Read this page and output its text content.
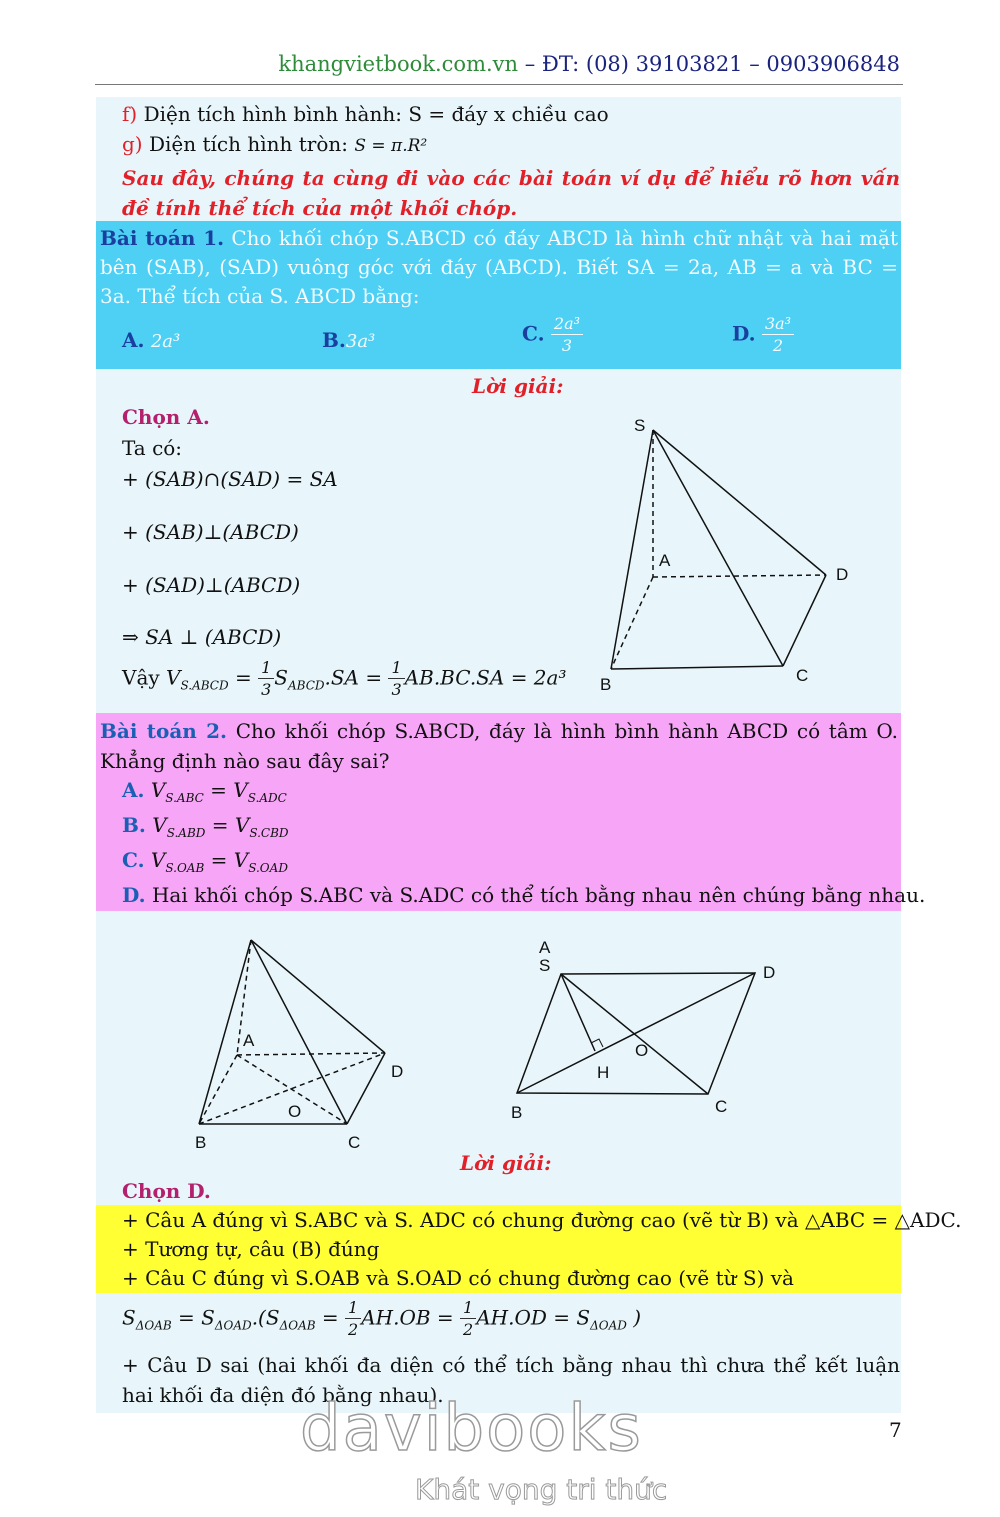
khangvietbook.com.vn – ĐT: (08) 39103821 – 0903906848
f) Diện tích hình bình hành: S = đáy x chiều cao
g) Diện tích hình tròn: S = π.R²
Sau đây, chúng ta cùng đi vào các bài toán ví dụ để hiểu rõ hơn vấn đề tính thể tích của một khối chóp.
Bài toán 1. Cho khối chóp S.ABCD có đáy ABCD là hình chữ nhật và hai mặt bên (SAB), (SAD) vuông góc với đáy (ABCD). Biết SA = 2a, AB = a và BC = 3a. Thể tích của S. ABCD bằng:
A. 2a³	B.3a³	C. $\frac{\text{2a³}}{3}$	D. $\frac{\text{3a³}}{2}$
Lời giải:
Chọn A.
Ta có:
+ (SAB)∩(SAD) = SA
+ (SAB)⊥(ABCD)
+ (SAD)⊥(ABCD)
⇒ SA ⊥ (ABCD)
Vậy $V_{S.ABCD} = \frac{1}{3} S_{ABCD}.SA = \frac{1}{3} AB.BC.SA = 2a^3$
S
A
D
B	C
Bài toán 2. Cho khối chóp S.ABCD, đáy là hình bình hành ABCD có tâm O. Khẳng định nào sau đây sai?
A. $V_{S.ABC} = V_{S.ADC}$
B. $V_{S.ABD} = V_{S.CBD}$
C. $V_{S.OAB} = V_{S.OAD}$
D. Hai khối chóp S.ABC và S.ADC có thể tích bằng nhau nên chúng bằng nhau.
A
D
B	C
O
A
S	D
O
H
B	C
Lời giải:
Chọn D.
+ Câu A đúng vì S.ABC và S. ADC có chung đường cao (vẽ từ B) và △ABC = △ADC.
+ Tương tự, câu (B) đúng
+ Câu C đúng vì S.OAB và S.OAD có chung đường cao (vẽ từ S) và
$S_{\Delta OAB} = S_{\Delta OAD}.(S_{\Delta OAB} = \frac{1}{2} AH.OB = \frac{1}{2} AH.OD = S_{\Delta OAD}$ )
+ Câu D sai (hai khối đa diện có thể tích bằng nhau thì chưa thể kết luận hai khối đa diện đó bằng nhau).
7
davibooks
Khát vọng tri thức
